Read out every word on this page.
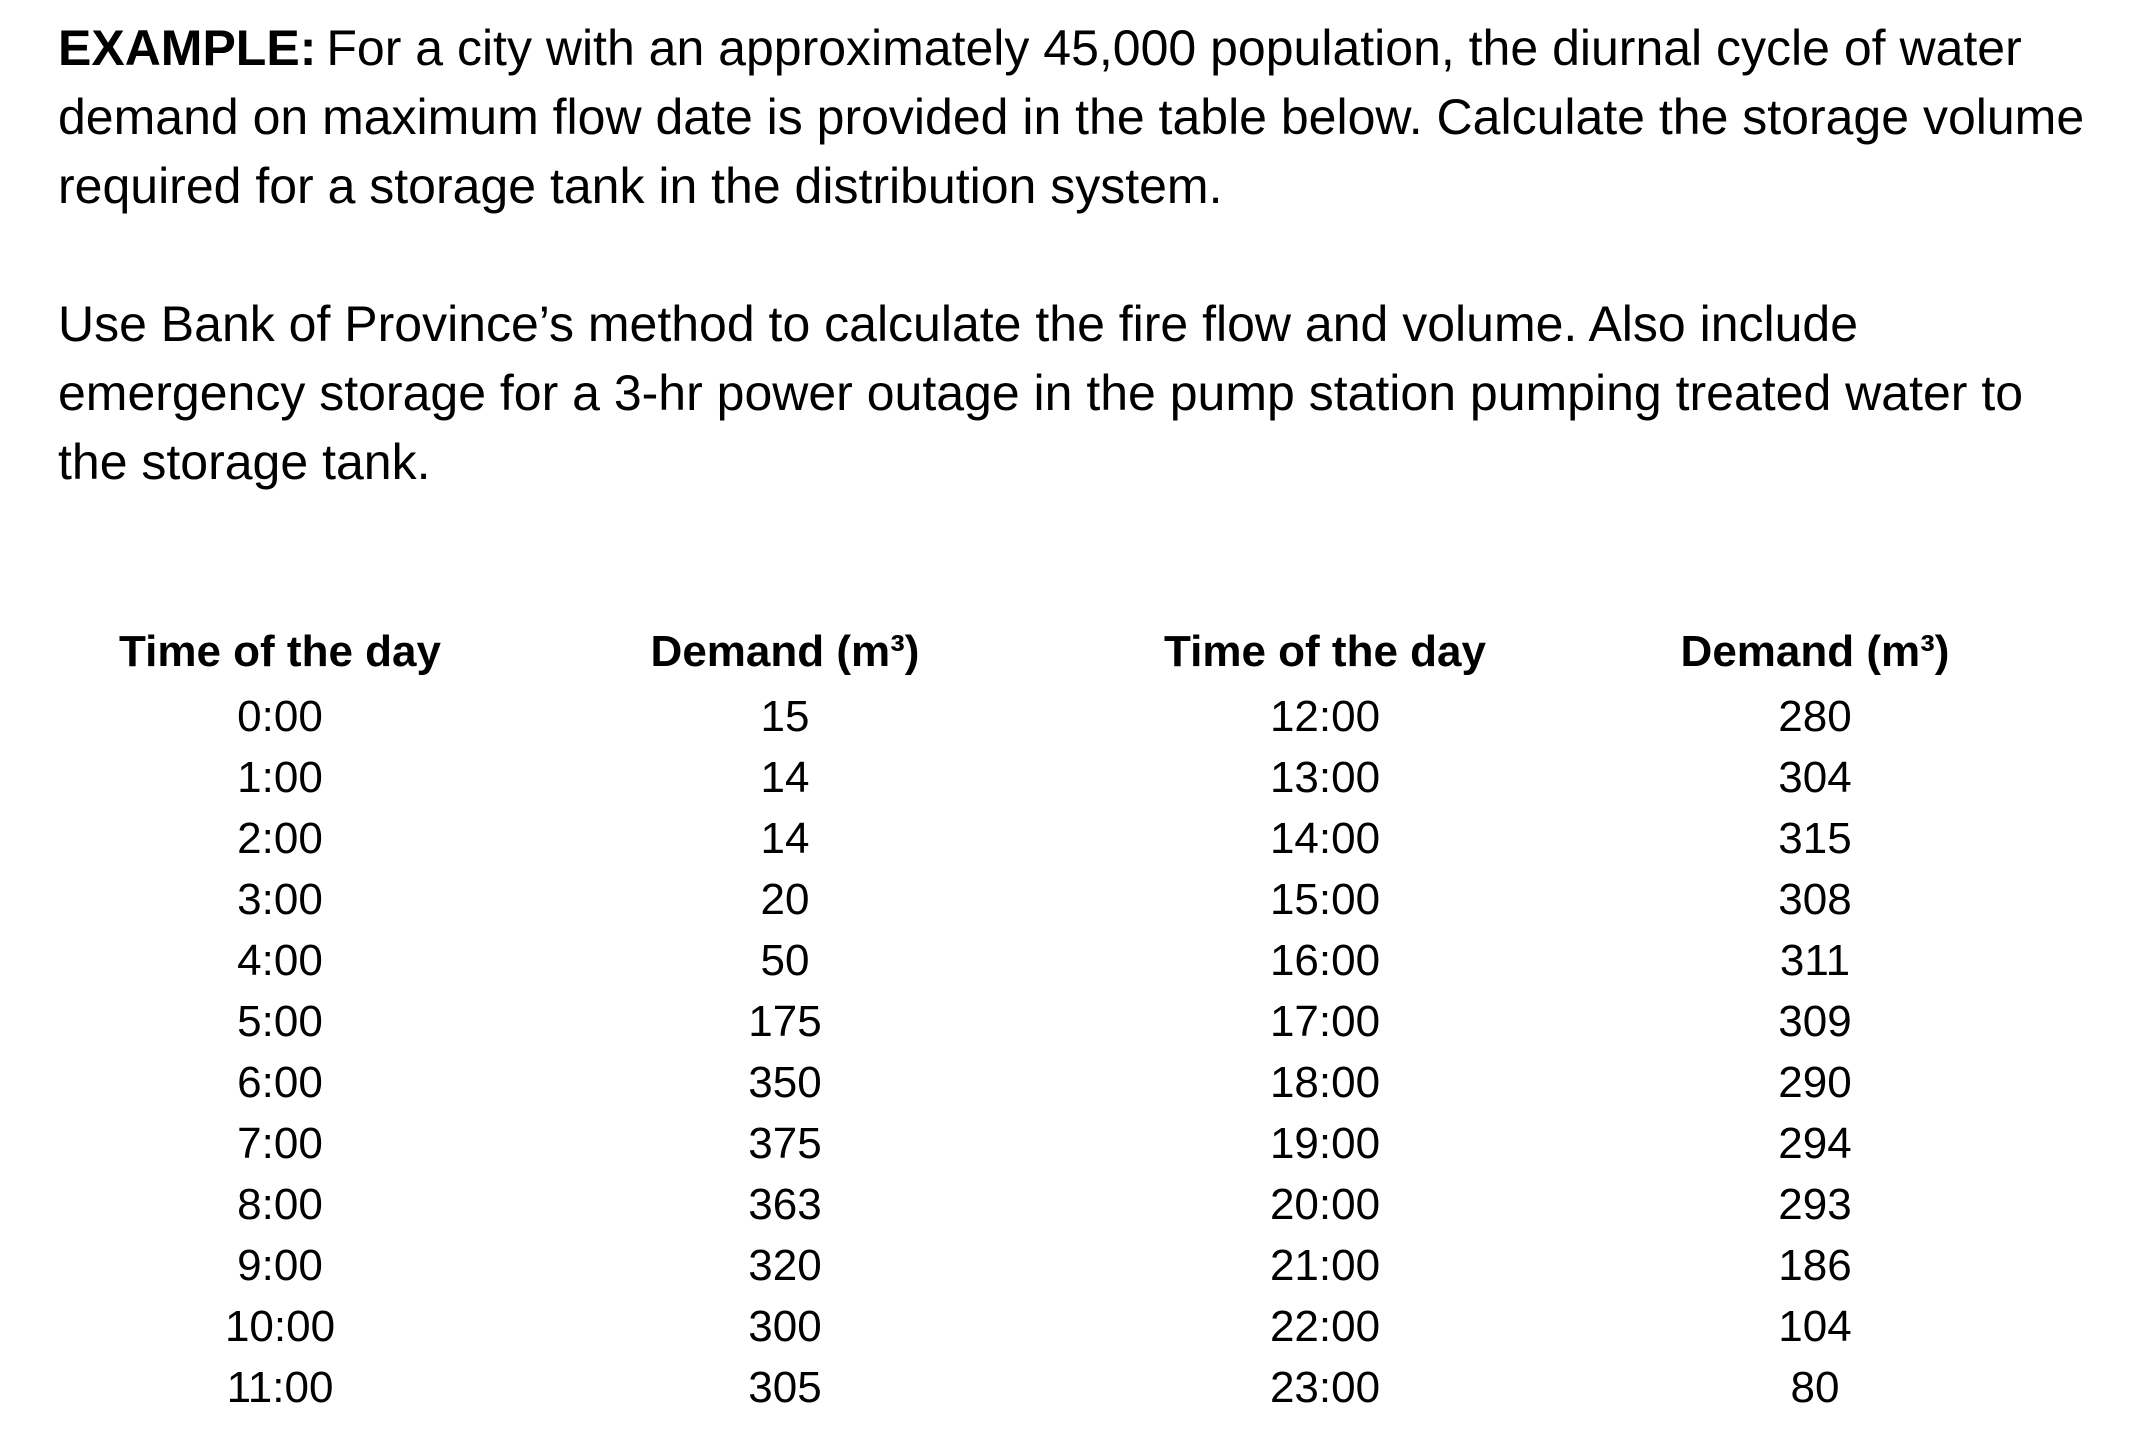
EXAMPLE: For a city with an approximately 45,000 population, the diurnal cycle of water demand on maximum flow date is provided in the table below. Calculate the storage volume required for a storage tank in the distribution system.

Use Bank of Province’s method to calculate the fire flow and volume. Also include emergency storage for a 3-hr power outage in the pump station pumping treated water to the storage tank.

Time of the day	Demand (m³)
0:00	15
1:00	14
2:00	14
3:00	20
4:00	50
5:00	175
6:00	350
7:00	375
8:00	363
9:00	320
10:00	300
11:00	305
Time of the day	Demand (m³)
12:00	280
13:00	304
14:00	315
15:00	308
16:00	311
17:00	309
18:00	290
19:00	294
20:00	293
21:00	186
22:00	104
23:00	80
